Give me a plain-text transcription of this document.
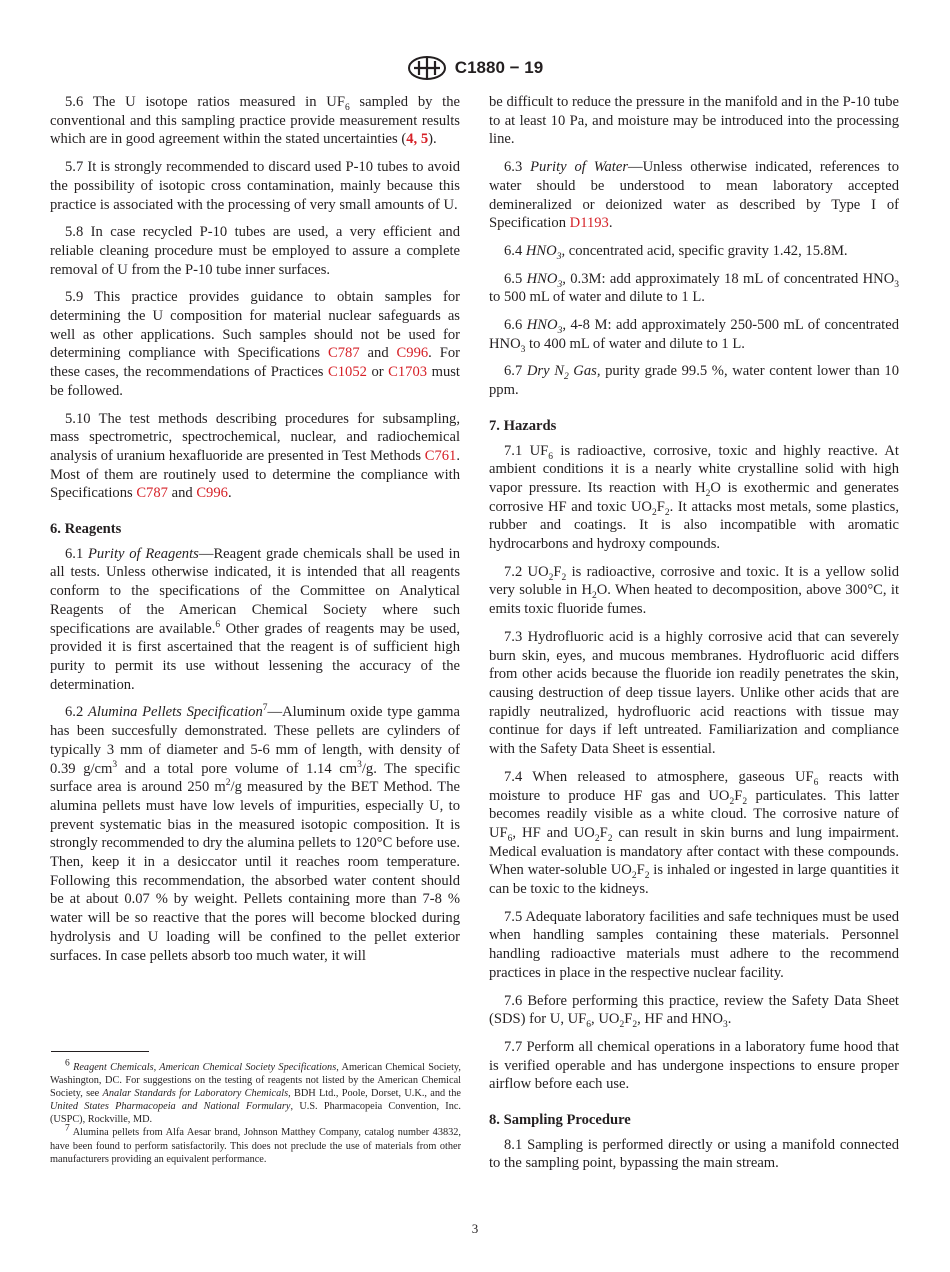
C1880 − 19

5.6 The U isotope ratios measured in $UF_6$ sampled by the conventional and this sampling practice provide measurement results which are in good agreement within the stated uncertainties (4, 5).

5.7 It is strongly recommended to discard used P-10 tubes to avoid the possibility of isotopic cross contamination, mainly because this practice is associated with the processing of very small amounts of U.

5.8 In case recycled P-10 tubes are used, a very efficient and reliable cleaning procedure must be employed to assure a complete removal of U from the P-10 tube inner surfaces.

5.9 This practice provides guidance to obtain samples for determining the U composition for material nuclear safeguards as well as other applications. Such samples should not be used for determining compliance with Specifications C787 and C996. For these cases, the recommendations of Practices C1052 or C1703 must be followed.

5.10 The test methods describing procedures for subsampling, mass spectrometric, spectrochemical, nuclear, and radiochemical analysis of uranium hexafluoride are presented in Test Methods C761. Most of them are routinely used to determine the compliance with Specifications C787 and C996.

6. Reagents

6.1 Purity of Reagents—Reagent grade chemicals shall be used in all tests. Unless otherwise indicated, it is intended that all reagents conform to the specifications of the Committee on Analytical Reagents of the American Chemical Society where such specifications are available.$^6$ Other grades of reagents may be used, provided it is first ascertained that the reagent is of sufficient high purity to permit its use without lessening the accuracy of the determination.

6.2 Alumina Pellets Specification$^7$—Aluminum oxide type gamma has been succesfully demonstrated. These pellets are cylinders of typically 3 mm of diameter and 5-6 mm of length, with density of 0.39 $g/cm^3$ and a total pore volume of 1.14 $cm^3/g$. The specific surface area is around 250 $m^2/g$ measured by the BET Method. The alumina pellets must have low levels of impurities, especially U, to prevent systematic bias in the measured isotopic composition. It is strongly recommended to dry the alumina pellets to 120°C before use. Then, keep it in a desiccator until it reaches room temperature. Following this recommendation, the absorbed water content should be at about 0.07 % by weight. Pellets containing more than 7-8 % water will be so reactive that the pores will become blocked during hydrolysis and U loading will be confined to the pellet exterior surfaces. In case pellets absorb too much water, it will

be difficult to reduce the pressure in the manifold and in the P-10 tube to at least 10 Pa, and moisture may be introduced into the processing line.

6.3 Purity of Water—Unless otherwise indicated, references to water should be understood to mean laboratory accepted demineralized or deionized water as described by Type I of Specification D1193.

6.4 $HNO_3$, concentrated acid, specific gravity 1.42, 15.8M.

6.5 $HNO_3$, 0.3M: add approximately 18 mL of concentrated $HNO_3$ to 500 mL of water and dilute to 1 L.

6.6 $HNO_3$, 4-8 M: add approximately 250-500 mL of concentrated $HNO_3$ to 400 mL of water and dilute to 1 L.

6.7 Dry $N_2$ Gas, purity grade 99.5 %, water content lower than 10 ppm.

7. Hazards

7.1 $UF_6$ is radioactive, corrosive, toxic and highly reactive. At ambient conditions it is a nearly white crystalline solid with high vapor pressure. Its reaction with $H_2O$ is exothermic and generates corrosive HF and toxic $UO_2F_2$. It attacks most metals, some plastics, rubber and coatings. It is also incompatible with aromatic hydrocarbons and hydroxy compounds.

7.2 $UO_2F_2$ is radioactive, corrosive and toxic. It is a yellow solid very soluble in $H_2O$. When heated to decomposition, above 300°C, it emits toxic fluoride fumes.

7.3 Hydrofluoric acid is a highly corrosive acid that can severely burn skin, eyes, and mucous membranes. Hydrofluoric acid differs from other acids because the fluoride ion readily penetrates the skin, causing destruction of deep tissue layers. Unlike other acids that are rapidly neutralized, hydrofluoric acid reactions with tissue may continue for days if left untreated. Familiarization and compliance with the Safety Data Sheet is essential.

7.4 When released to atmosphere, gaseous $UF_6$ reacts with moisture to produce HF gas and $UO_2F_2$ particulates. This latter becomes readily visible as a white cloud. The corrosive nature of $UF_6$, HF and $UO_2F_2$ can result in skin burns and lung impairment. Medical evaluation is mandatory after contact with these compounds. When water-soluble $UO_2F_2$ is inhaled or ingested in large quantities it can be toxic to the kidneys.

7.5 Adequate laboratory facilities and safe techniques must be used when handling samples containing these materials. Personnel handling radioactive materials must adhere to the recommend practices in place in the respective nuclear facility.

7.6 Before performing this practice, review the Safety Data Sheet (SDS) for U, $UF_6$, $UO_2F_2$, HF and $HNO_3$.

7.7 Perform all chemical operations in a laboratory fume hood that is verified operable and has undergone inspections to ensure proper airflow before each use.

8. Sampling Procedure

8.1 Sampling is performed directly or using a manifold connected to the sampling point, bypassing the main stream.

$^6$ Reagent Chemicals, American Chemical Society Specifications, American Chemical Society, Washington, DC. For suggestions on the testing of reagents not listed by the American Chemical Society, see Analar Standards for Laboratory Chemicals, BDH Ltd., Poole, Dorset, U.K., and the United States Pharmacopeia and National Formulary, U.S. Pharmacopeia Convention, Inc. (USPC), Rockville, MD.

$^7$ Alumina pellets from Alfa Aesar brand, Johnson Matthey Company, catalog number 43832, have been found to perform satisfactorily. This does not preclude the use of materials from other manufacturers providing an equivalent performance.

3
